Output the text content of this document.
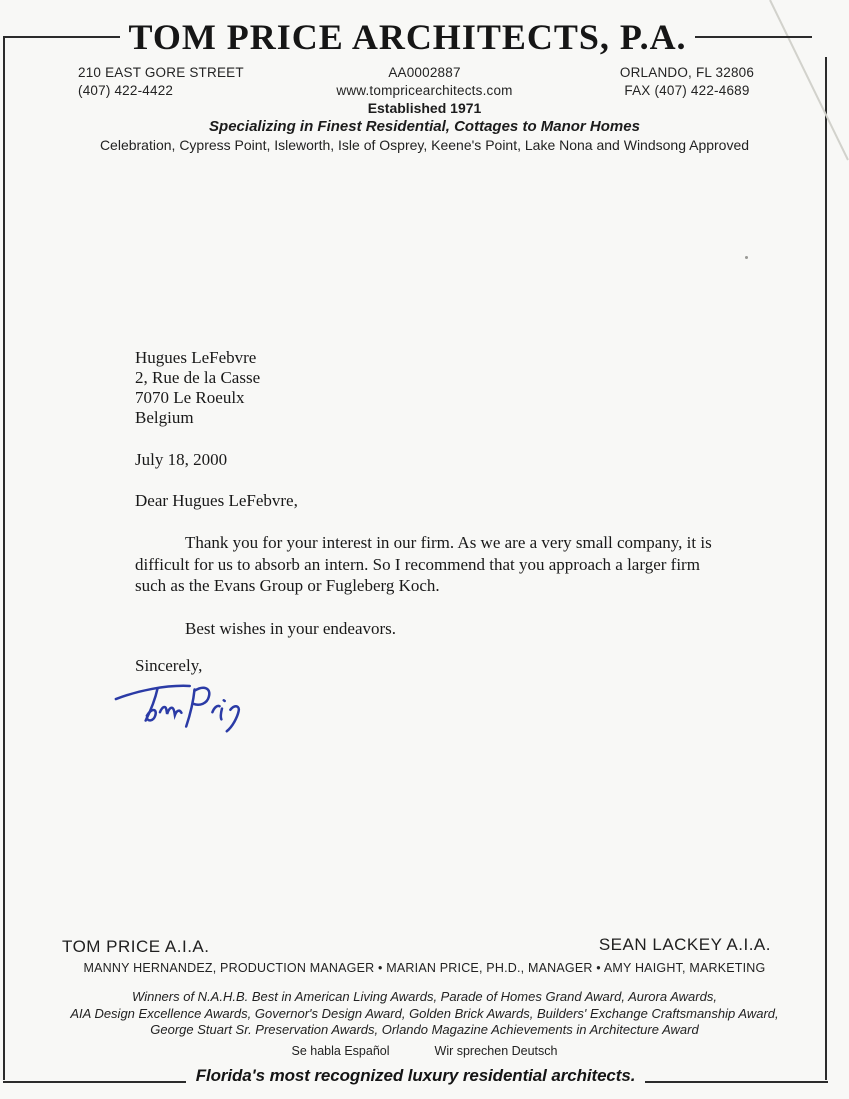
TOM PRICE ARCHITECTS, P.A.
210 EAST GORE STREET
(407) 422-4422
AA0002887
www.tompricearchitects.com
ORLANDO, FL 32806
FAX (407) 422-4689
Established 1971
Specializing in Finest Residential, Cottages to Manor Homes
Celebration, Cypress Point, Isleworth, Isle of Osprey, Keene's Point, Lake Nona and Windsong Approved

Hugues LeFebvre

2, Rue de la Casse

7070 Le Roeulx

Belgium

July 18, 2000

Dear Hugues LeFebvre,

Thank you for your interest in our firm. As we are a very small company, it is difficult for us to absorb an intern. So I recommend that you approach a larger firm such as the Evans Group or Fugleberg Koch.

Best wishes in your endeavors.

Sincerely,

TOM PRICE A.I.A.	SEAN LACKEY A.I.A.
MANNY HERNANDEZ, PRODUCTION MANAGER • MARIAN PRICE, PH.D., MANAGER • AMY HAIGHT, MARKETING
Winners of N.A.H.B. Best in American Living Awards, Parade of Homes Grand Award, Aurora Awards,
AIA Design Excellence Awards, Governor's Design Award, Golden Brick Awards, Builders' Exchange Craftsmanship Award,
George Stuart Sr. Preservation Awards, Orlando Magazine Achievements in Architecture Award
Se habla Español	Wir sprechen Deutsch
Florida's most recognized luxury residential architects.
